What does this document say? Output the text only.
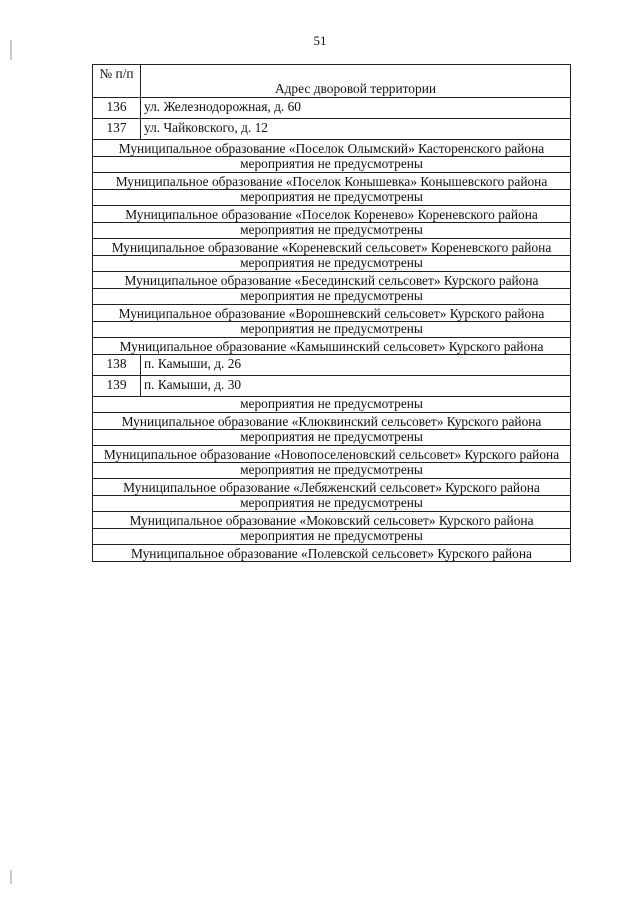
51
№ п/п	Адрес дворовой территории
136	ул. Железнодорожная, д. 60
137	ул. Чайковского, д. 12
Муниципальное образование «Поселок Олымский» Касторенского района	
мероприятия не предусмотрены	
Муниципальное образование «Поселок Конышевка» Конышевского района	
мероприятия не предусмотрены	
Муниципальное образование «Поселок Коренево» Кореневского района	
мероприятия не предусмотрены	
Муниципальное образование «Кореневский сельсовет» Кореневского района	
мероприятия не предусмотрены	
Муниципальное образование «Бесединский сельсовет» Курского района	
мероприятия не предусмотрены	
Муниципальное образование «Ворошневский сельсовет» Курского района	
мероприятия не предусмотрены	
Муниципальное образование «Камышинский сельсовет» Курского района	
138	п. Камыши, д. 26
139	п. Камыши, д. 30
мероприятия не предусмотрены	
Муниципальное образование «Клюквинский сельсовет» Курского района	
мероприятия не предусмотрены	
Муниципальное образование «Новопоселеновский сельсовет» Курского района	
мероприятия не предусмотрены	
Муниципальное образование «Лебяженский сельсовет» Курского района	
мероприятия не предусмотрены	
Муниципальное образование «Моковский сельсовет» Курского района	
мероприятия не предусмотрены	
Муниципальное образование «Полевской сельсовет» Курского района	
